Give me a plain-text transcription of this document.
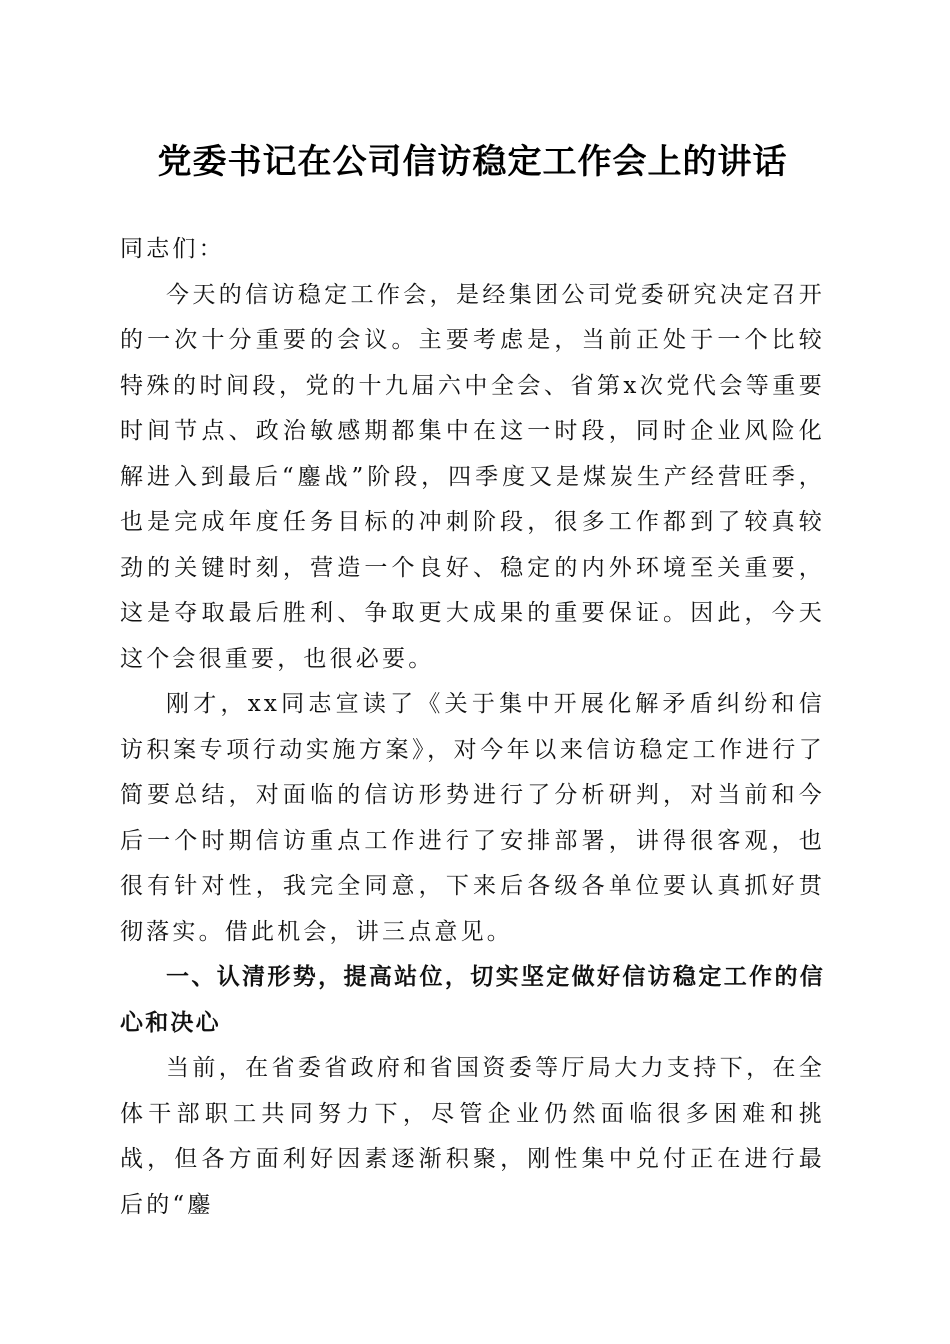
党委书记在公司信访稳定工作会上的讲话

同志们：

今天的信访稳定工作会，是经集团公司党委研究决定召开的一次十分重要的会议。主要考虑是，当前正处于一个比较特殊的时间段，党的十九届六中全会、省第x次党代会等重要时间节点、政治敏感期都集中在这一时段，同时企业风险化解进入到最后“鏖战”阶段，四季度又是煤炭生产经营旺季，也是完成年度任务目标的冲刺阶段，很多工作都到了较真较劲的关键时刻，营造一个良好、稳定的内外环境至关重要，这是夺取最后胜利、争取更大成果的重要保证。因此，今天这个会很重要，也很必要。

刚才，xx同志宣读了《关于集中开展化解矛盾纠纷和信访积案专项行动实施方案》，对今年以来信访稳定工作进行了简要总结，对面临的信访形势进行了分析研判，对当前和今后一个时期信访重点工作进行了安排部署，讲得很客观，也很有针对性，我完全同意，下来后各级各单位要认真抓好贯彻落实。借此机会，讲三点意见。

一、认清形势，提高站位，切实坚定做好信访稳定工作的信心和决心

当前，在省委省政府和省国资委等厅局大力支持下，在全体干部职工共同努力下，尽管企业仍然面临很多困难和挑战，但各方面利好因素逐渐积聚，刚性集中兑付正在进行最后的“鏖
